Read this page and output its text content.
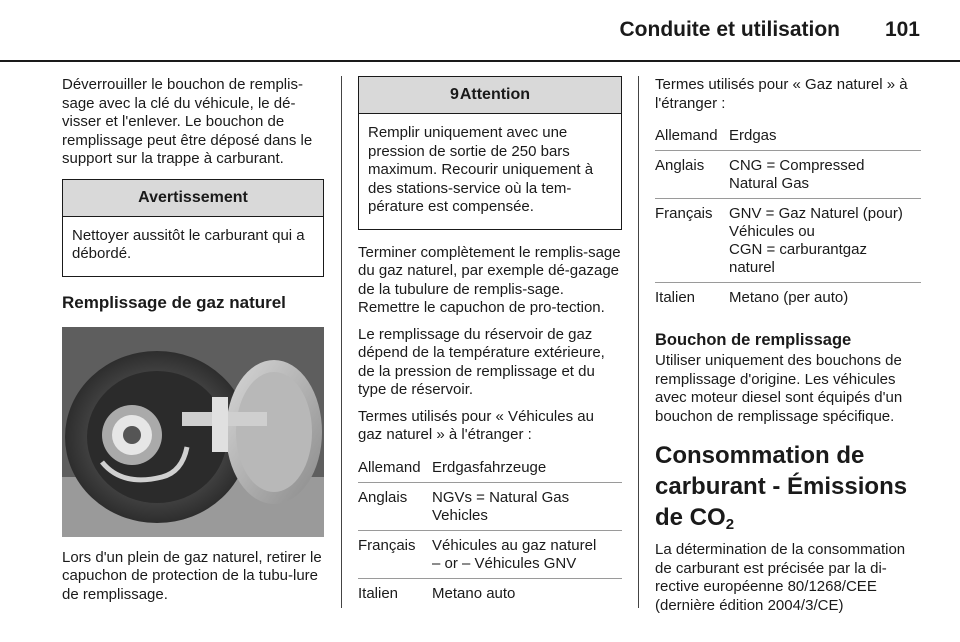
Conduite et utilisation 101

Déverrouiller le bouchon de remplis-sage avec la clé du véhicule, le dé-visser et l'enlever. Le bouchon de remplissage peut être déposé dans le support sur la trappe à carburant.

Avertissement
Nettoyer aussitôt le carburant qui a débordé.
Remplissage de gaz naturel

Lors d'un plein de gaz naturel, retirer le capuchon de protection de la tubu-lure de remplissage.

9Attention
Remplir uniquement avec une pression de sortie de 250 bars maximum. Recourir uniquement à des stations-service où la tem-pérature est compensée.

Terminer complètement le remplis-sage du gaz naturel, par exemple dé-gazage de la tubulure de remplis-sage. Remettre le capuchon de pro-tection.

Le remplissage du réservoir de gaz dépend de la température extérieure, de la pression de remplissage et du type de réservoir.

Termes utilisés pour « Véhicules au gaz naturel » à l'étranger :

Allemand Erdgasfahrzeuge
Anglais	NGVs = Natural Gas
Vehicles
Français	Véhicules au gaz naturel
– or – Véhicules GNV
Italien	Metano auto

Termes utilisés pour « Gaz naturel » à l'étranger :

Allemand Erdgas
Anglais	CNG = Compressed
Natural Gas
Français	GNV = Gaz Naturel (pour)
Véhicules ou
CGN = carburantgaz
naturel
Italien	Metano (per auto)
Bouchon de remplissage

Utiliser uniquement des bouchons de remplissage d'origine. Les véhicules avec moteur diesel sont équipés d'un bouchon de remplissage spécifique.

Consommation de carburant - Émissions de $CO_2$

La détermination de la consommation de carburant est précisée par la di-rective européenne 80/1268/CEE (dernière édition 2004/3/CE)
